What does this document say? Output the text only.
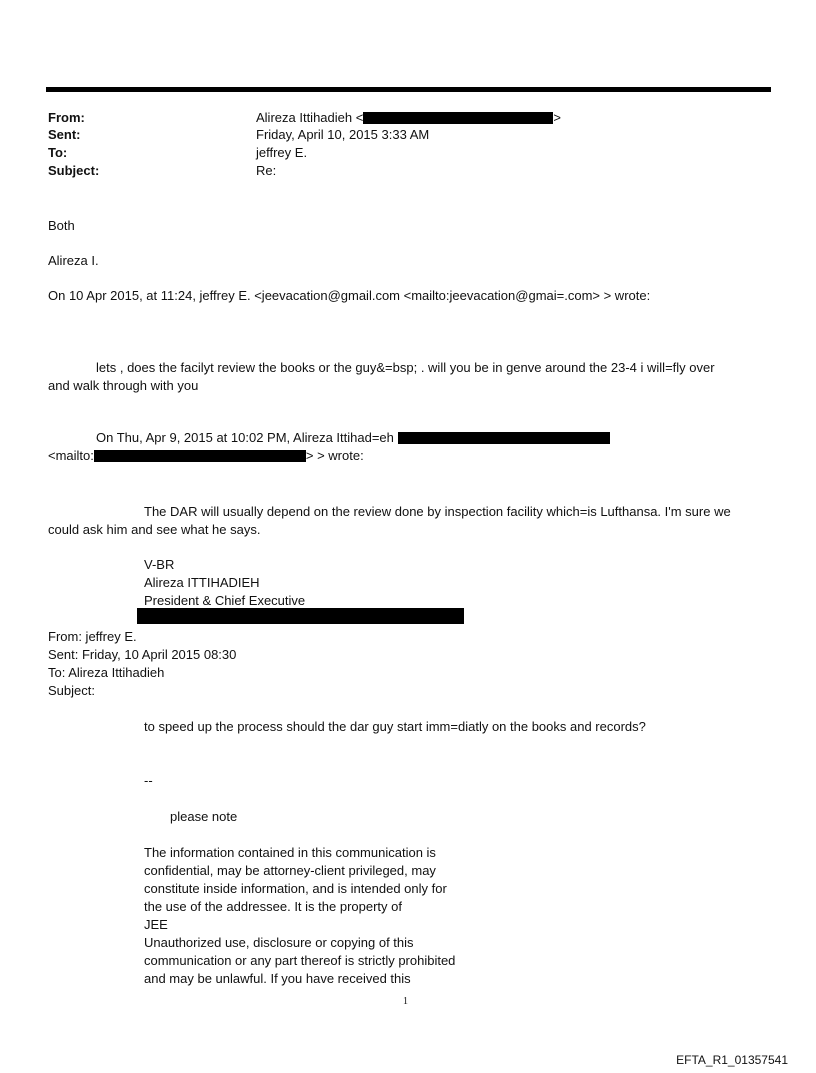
From:	Alireza Ittihadieh <	>
Sent:	Friday, April 10, 2015 3:33 AM
To:	jeffrey E.
Subject:	Re:
Both
Alireza I.
On 10 Apr 2015, at 11:24, jeffrey E. <jeevacation@gmail.com <mailto:jeevacation@gmai=.com> > wrote:
lets , does the facilyt review the books or the guy&=bsp; . will you be in genve around the 23-4 i will=fly over
and walk through with you
On Thu, Apr 9, 2015 at 10:02 PM, Alireza Ittihad=eh
<mailto:	> > wrote:
The DAR will usually depend on the review done by inspection facility which=is Lufthansa. I'm sure we
could ask him and see what he says.
V-BR
Alireza ITTIHADIEH
President & Chief Executive
From: jeffrey E.
Sent: Friday, 10 April 2015 08:30
To: Alireza Ittihadieh
Subject:
to speed up the process should the dar guy start imm=diatly on the books and records?
--
please note
The information contained in this communication is
confidential, may be attorney-client privileged, may
constitute inside information, and is intended only for
the use of the addressee. It is the property of
JEE
Unauthorized use, disclosure or copying of this
communication or any part thereof is strictly prohibited
and may be unlawful. If you have received this
1
EFTA_R1_01357541
